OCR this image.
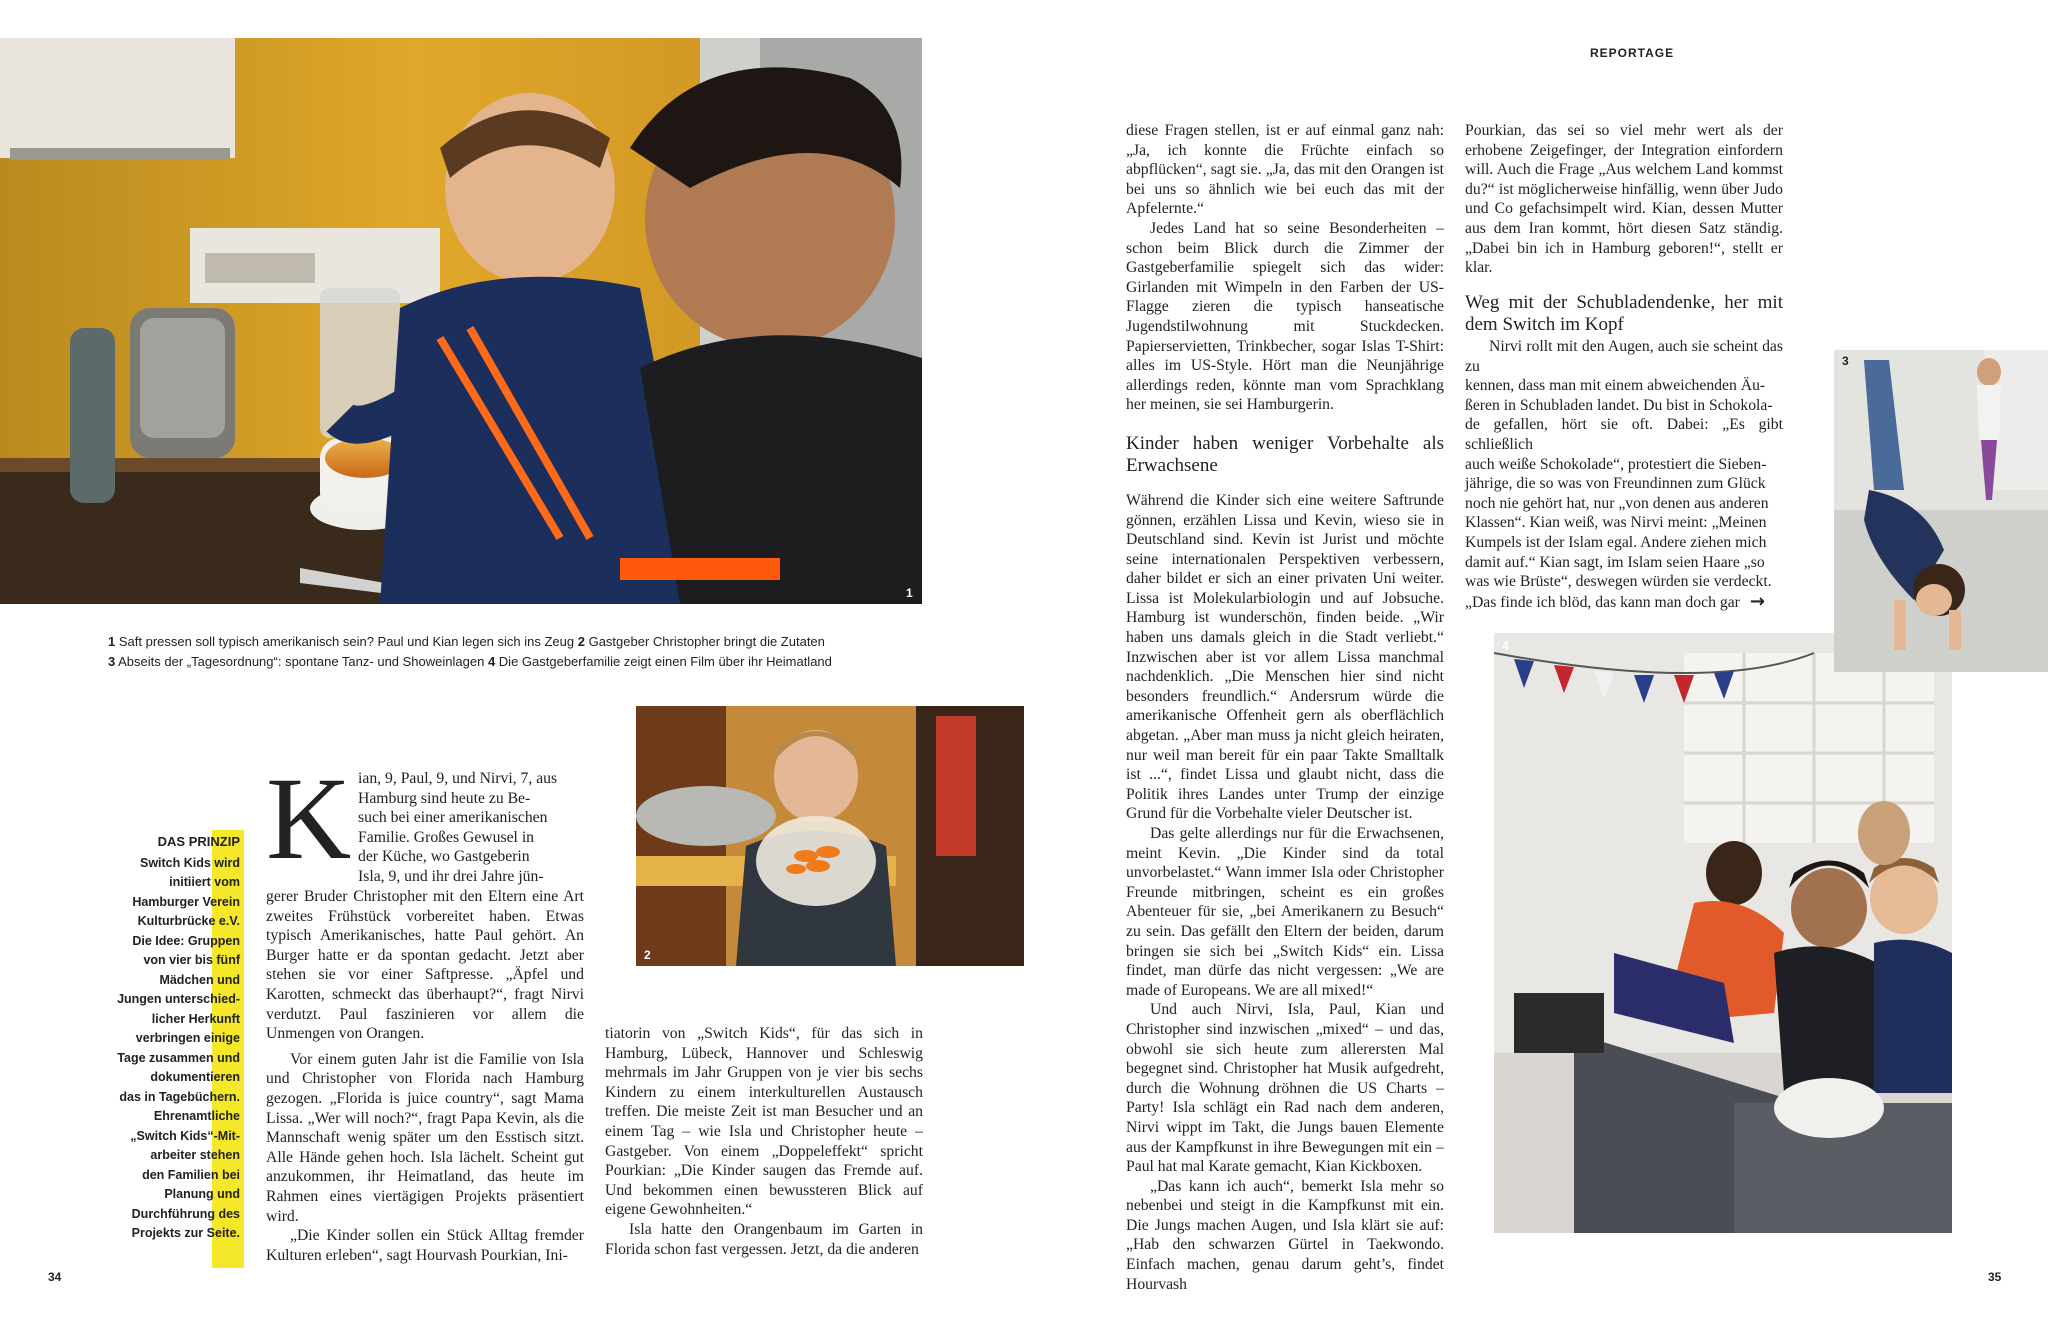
1
1 Saft pressen soll typisch amerikanisch sein? Paul und Kian legen sich ins Zeug 2 Gastgeber Christopher bringt die Zutaten
3 Abseits der „Tagesordnung“: spontane Tanz- und Showeinlagen 4 Die Gastgeberfamilie zeigt einen Film über ihr Heimatland
2
DAS PRINZIP
Switch Kids wird
initiiert vom
Hamburger Verein
Kulturbrücke e.V.
Die Idee: Gruppen
von vier bis fünf
Mädchen und
Jungen unterschied-
licher Herkunft
verbringen einige
Tage zusammen und
dokumentieren
das in Tagebüchern.
Ehrenamtliche
„Switch Kids“-Mit-
arbeiter stehen
den Familien bei
Planung und
Durchführung des
Projekts zur Seite.
K ian, 9, Paul, 9, und Nirvi, 7, aus
Hamburg sind heute zu Be-
such bei einer amerikanischen
Familie. Großes Gewusel in
der Küche, wo Gastgeberin
Isla, 9, und ihr drei Jahre jün-

gerer Bruder Christopher mit den Eltern eine Art zweites Frühstück vorbereitet haben. Etwas typisch Amerikanisches, hatte Paul gehört. An Burger hatte er da spontan gedacht. Jetzt aber stehen sie vor einer Saftpresse. „Äpfel und Karotten, schmeckt das überhaupt?“, fragt Nirvi verdutzt. Paul faszinieren vor allem die Unmengen von Orangen.

Vor einem guten Jahr ist die Familie von Isla und Christopher von Florida nach Hamburg gezogen. „Florida is juice country“, sagt Mama Lissa. „Wer will noch?“, fragt Papa Kevin, als die Mannschaft wenig später um den Esstisch sitzt. Alle Hände gehen hoch. Isla lächelt. Scheint gut anzukommen, ihr Heimatland, das heute im Rahmen eines viertägigen Projekts präsentiert wird.

„Die Kinder sollen ein Stück Alltag fremder Kulturen erleben“, sagt Hourvash Pourkian, Ini-

tiatorin von „Switch Kids“, für das sich in Hamburg, Lübeck, Hannover und Schleswig mehrmals im Jahr Gruppen von je vier bis sechs Kindern zu einem interkulturellen Austausch treffen. Die meiste Zeit ist man Besucher und an einem Tag – wie Isla und Christopher heute – Gastgeber. Von einem „Doppeleffekt“ spricht Pourkian: „Die Kinder saugen das Fremde auf. Und bekommen einen bewussteren Blick auf eigene Gewohnheiten.“

Isla hatte den Orangenbaum im Garten in Florida schon fast vergessen. Jetzt, da die anderen

34
REPORTAGE

diese Fragen stellen, ist er auf einmal ganz nah: „Ja, ich konnte die Früchte einfach so abpflücken“, sagt sie. „Ja, das mit den Orangen ist bei uns so ähnlich wie bei euch das mit der Apfelernte.“

Jedes Land hat so seine Besonderheiten – schon beim Blick durch die Zimmer der Gastgeberfamilie spiegelt sich das wider: Girlanden mit Wimpeln in den Farben der US-Flagge zieren die typisch hanseatische Jugendstilwohnung mit Stuckdecken. Papierservietten, Trinkbecher, sogar Islas T-Shirt: alles im US-Style. Hört man die Neunjährige allerdings reden, könnte man vom Sprachklang her meinen, sie sei Hamburgerin.

Kinder haben weniger Vorbehalte als Erwachsene

Während die Kinder sich eine weitere Saftrunde gönnen, erzählen Lissa und Kevin, wieso sie in Deutschland sind. Kevin ist Jurist und möchte seine internationalen Perspektiven verbessern, daher bildet er sich an einer privaten Uni weiter. Lissa ist Molekularbiologin und auf Jobsuche. Hamburg ist wunderschön, finden beide. „Wir haben uns damals gleich in die Stadt verliebt.“ Inzwischen aber ist vor allem Lissa manchmal nachdenklich. „Die Menschen hier sind nicht besonders freundlich.“ Andersrum würde die amerikanische Offenheit gern als oberflächlich abgetan. „Aber man muss ja nicht gleich heiraten, nur weil man bereit für ein paar Takte Smalltalk ist ...“, findet Lissa und glaubt nicht, dass die Politik ihres Landes unter Trump der einzige Grund für die Vorbehalte vieler Deutscher ist.

Das gelte allerdings nur für die Erwachsenen, meint Kevin. „Die Kinder sind da total unvorbelastet.“ Wann immer Isla oder Christopher Freunde mitbringen, scheint es ein großes Abenteuer für sie, „bei Amerikanern zu Besuch“ zu sein. Das gefällt den Eltern der beiden, darum bringen sie sich bei „Switch Kids“ ein. Lissa findet, man dürfe das nicht vergessen: „We are made of Europeans. We are all mixed!“

Und auch Nirvi, Isla, Paul, Kian und Christopher sind inzwischen „mixed“ – und das, obwohl sie sich heute zum allerersten Mal begegnet sind. Christopher hat Musik aufgedreht, durch die Wohnung dröhnen die US Charts – Party! Isla schlägt ein Rad nach dem anderen, Nirvi wippt im Takt, die Jungs bauen Elemente aus der Kampfkunst in ihre Bewegungen mit ein – Paul hat mal Karate gemacht, Kian Kickboxen.

„Das kann ich auch“, bemerkt Isla mehr so nebenbei und steigt in die Kampfkunst mit ein. Die Jungs machen Augen, und Isla klärt sie auf: „Hab den schwarzen Gürtel in Taekwondo. Einfach machen, genau darum geht’s, findet Hourvash

Pourkian, das sei so viel mehr wert als der erhobene Zeigefinger, der Integration einfordern will. Auch die Frage „Aus welchem Land kommst du?“ ist möglicherweise hinfällig, wenn über Judo und Co gefachsimpelt wird. Kian, dessen Mutter aus dem Iran kommt, hört diesen Satz ständig. „Dabei bin ich in Hamburg geboren!“, stellt er klar.

Weg mit der Schubladendenke, her mit dem Switch im Kopf
Nirvi rollt mit den Augen, auch sie scheint das zu
kennen, dass man mit einem abweichenden Äu-
ßeren in Schubladen landet. Du bist in Schokola-
de gefallen, hört sie oft. Dabei: „Es gibt schließlich
auch weiße Schokolade“, protestiert die Sieben-
jährige, die so was von Freundinnen zum Glück
noch nie gehört hat, nur „von denen aus anderen
Klassen“. Kian weiß, was Nirvi meint: „Meinen
Kumpels ist der Islam egal. Andere ziehen mich
damit auf.“ Kian sagt, im Islam seien Haare „so
was wie Brüste“, deswegen würden sie verdeckt.
„Das finde ich blöd, das kann man doch gar →
4
3
35
